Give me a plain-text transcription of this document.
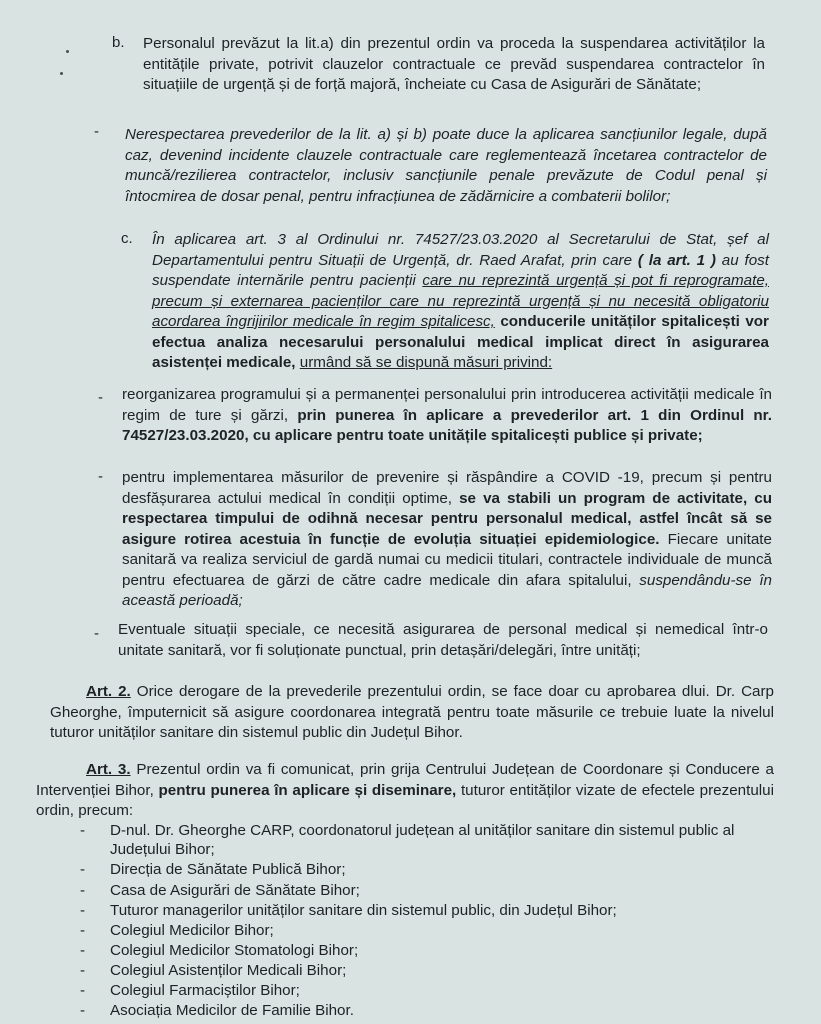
b. Personalul prevăzut la lit.a) din prezentul ordin va proceda la suspendarea activităților la entitățile private, potrivit clauzelor contractuale ce prevăd suspendarea contractelor în situațiile de urgență și de forță majoră, încheiate cu Casa de Asigurări de Sănătate;
- Nerespectarea prevederilor de la lit. a) și b) poate duce la aplicarea sancțiunilor legale, după caz, devenind incidente clauzele contractuale care reglementează încetarea contractelor de muncă/rezilierea contractelor, inclusiv sancțiunile penale prevăzute de Codul penal și întocmirea de dosar penal, pentru infracțiunea de zădărnicire a combaterii bolilor;
c. În aplicarea art. 3 al Ordinului nr. 74527/23.03.2020 al Secretarului de Stat, șef al Departamentului pentru Situații de Urgență, dr. Raed Arafat, prin care ( la art. 1 ) au fost suspendate internările pentru pacienții care nu reprezintă urgență și pot fi reprogramate, precum și externarea pacienților care nu reprezintă urgență și nu necesită obligatoriu acordarea îngrijirilor medicale în regim spitalicesc, conducerile unităților spitalicești vor efectua analiza necesarului personalului medical implicat direct în asigurarea asistenței medicale, urmând să se dispună măsuri privind:
- reorganizarea programului și a permanenței personalului prin introducerea activității medicale în regim de ture și gărzi, prin punerea în aplicare a prevederilor art. 1 din Ordinul nr. 74527/23.03.2020, cu aplicare pentru toate unitățile spitalicești publice și private;
- pentru implementarea măsurilor de prevenire și răspândire a COVID -19, precum și pentru desfășurarea actului medical în condiții optime, se va stabili un program de activitate, cu respectarea timpului de odihnă necesar pentru personalul medical, astfel încât să se asigure rotirea acestuia în funcție de evoluția situației epidemiologice. Fiecare unitate sanitară va realiza serviciul de gardă numai cu medicii titulari, contractele individuale de muncă pentru efectuarea de gărzi de către cadre medicale din afara spitalului, suspendându-se în această perioadă;
- Eventuale situații speciale, ce necesită asigurarea de personal medical și nemedical într-o unitate sanitară, vor fi soluționate punctual, prin detașări/delegări, între unități;
Art. 2. Orice derogare de la prevederile prezentului ordin, se face doar cu aprobarea dlui. Dr. Carp Gheorghe, împuternicit să asigure coordonarea integrată pentru toate măsurile ce trebuie luate la nivelul tuturor unităților sanitare din sistemul public din Județul Bihor.
Art. 3. Prezentul ordin va fi comunicat, prin grija Centrului Județean de Coordonare și Conducere a Intervenției Bihor, pentru punerea în aplicare și diseminare, tuturor entităților vizate de efectele prezentului ordin, precum:
- D-nul. Dr. Gheorghe CARP, coordonatorul județean al unităților sanitare din sistemul public al Județului Bihor;
- Direcția de Sănătate Publică Bihor;
- Casa de Asigurări de Sănătate Bihor;
- Tuturor managerilor unităților sanitare din sistemul public, din Județul Bihor;
- Colegiul Medicilor Bihor;
- Colegiul Medicilor Stomatologi Bihor;
- Colegiul Asistenților Medicali Bihor;
- Colegiul Farmaciștilor Bihor;
- Asociația Medicilor de Familie Bihor.
